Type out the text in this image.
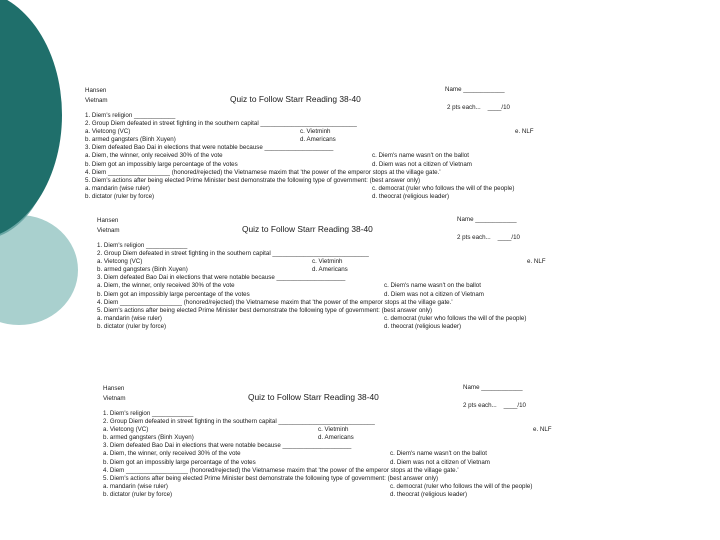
Hansen
Vietnam	Quiz to Follow Starr Reading 38-40
Name ____________
2 pts each... ____/10
1. Diem's religion ____________
2. Group Diem defeated in street fighting in the southern capital ____________________________
a. Vietcong (VC)	c. Vietminh	e. NLF
b. armed gangsters (Binh Xuyen)	d. Americans
3. Diem defeated Bao Dai in elections that were notable because ____________________
a. Diem, the winner, only received 30% of the vote	c. Diem's name wasn't on the ballot
b. Diem got an impossibly large percentage of the votes	d. Diem was not a citizen of Vietnam
4. Diem __________________ (honored/rejected) the Vietnamese maxim that 'the power of the emperor stops at the village gate.'
5. Diem's actions after being elected Prime Minister best demonstrate the following type of government: (best answer only)
a. mandarin (wise ruler)	c. democrat (ruler who follows the will of the people)
b. dictator (ruler by force)	d. theocrat (religious leader)
Hansen
Vietnam	Quiz to Follow Starr Reading 38-40
Name ____________
2 pts each... ____/10
1. Diem's religion ____________
2. Group Diem defeated in street fighting in the southern capital ____________________________
a. Vietcong (VC)	c. Vietminh	e. NLF
b. armed gangsters (Binh Xuyen)	d. Americans
3. Diem defeated Bao Dai in elections that were notable because ____________________
a. Diem, the winner, only received 30% of the vote	c. Diem's name wasn't on the ballot
b. Diem got an impossibly large percentage of the votes	d. Diem was not a citizen of Vietnam
4. Diem __________________ (honored/rejected) the Vietnamese maxim that 'the power of the emperor stops at the village gate.'
5. Diem's actions after being elected Prime Minister best demonstrate the following type of government: (best answer only)
a. mandarin (wise ruler)	c. democrat (ruler who follows the will of the people)
b. dictator (ruler by force)	d. theocrat (religious leader)
Hansen
Vietnam	Quiz to Follow Starr Reading 38-40
Name ____________
2 pts each... ____/10
1. Diem's religion ____________
2. Group Diem defeated in street fighting in the southern capital ____________________________
a. Vietcong (VC)	c. Vietminh	e. NLF
b. armed gangsters (Binh Xuyen)	d. Americans
3. Diem defeated Bao Dai in elections that were notable because ____________________
a. Diem, the winner, only received 30% of the vote	c. Diem's name wasn't on the ballot
b. Diem got an impossibly large percentage of the votes	d. Diem was not a citizen of Vietnam
4. Diem __________________ (honored/rejected) the Vietnamese maxim that 'the power of the emperor stops at the village gate.'
5. Diem's actions after being elected Prime Minister best demonstrate the following type of government: (best answer only)
a. mandarin (wise ruler)	c. democrat (ruler who follows the will of the people)
b. dictator (ruler by force)	d. theocrat (religious leader)
